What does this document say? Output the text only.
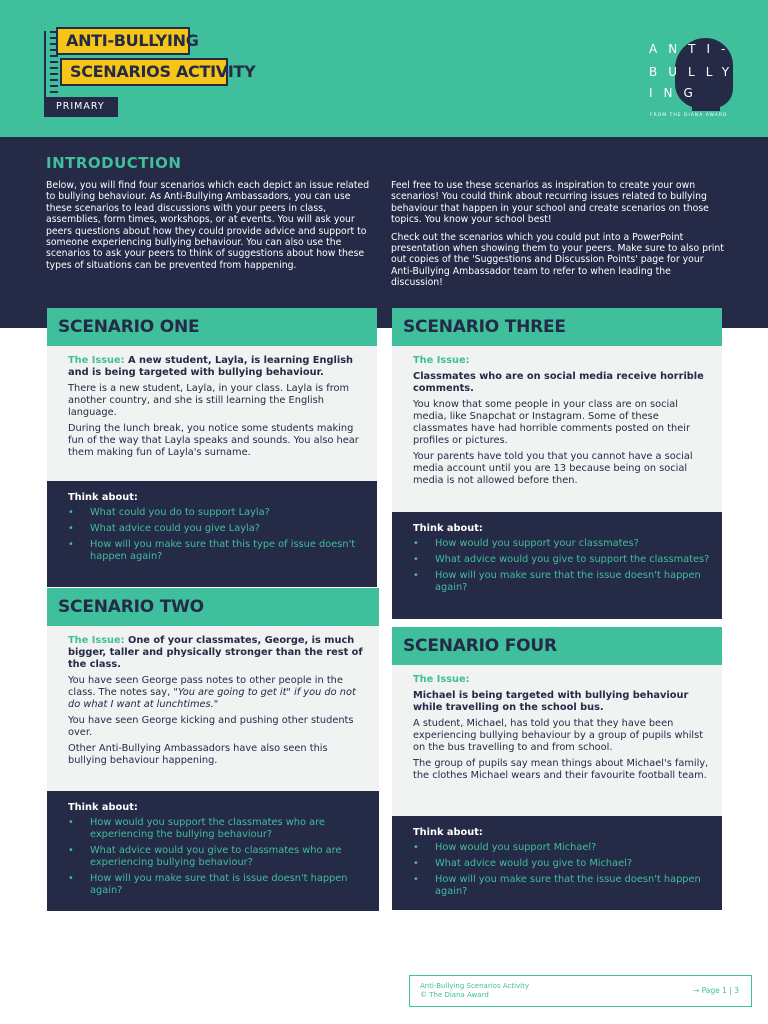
ANTI-BULLYING
SCENARIOS ACTIVITY
PRIMARY
ANTI-
BULLY
ING
FROM THE DIANA AWARD
INTRODUCTION

Below, you will find four scenarios which each depict an issue related to bullying behaviour. As Anti-Bullying Ambassadors, you can use these scenarios to lead discussions with your peers in class, assemblies, form times, workshops, or at events. You will ask your peers questions about how they could provide advice and support to someone experiencing bullying behaviour. You can also use the scenarios to ask your peers to think of suggestions about how these types of situations can be prevented from happening.

Feel free to use these scenarios as inspiration to create your own scenarios! You could think about recurring issues related to bullying behaviour that happen in your school and create scenarios on those topics. You know your school best!

Check out the scenarios which you could put into a PowerPoint presentation when showing them to your peers. Make sure to also print out copies of the 'Suggestions and Discussion Points' page for your Anti-Bullying Ambassador team to refer to when leading the discussion!

SCENARIO ONE

The Issue: A new student, Layla, is learning English and is being targeted with bullying behaviour.

There is a new student, Layla, in your class. Layla is from another country, and she is still learning the English language.

During the lunch break, you notice some students making fun of the way that Layla speaks and sounds. You also hear them making fun of Layla's surname.

Think about:
• What could you do to support Layla?
• What advice could you give Layla?
• How will you make sure that this type of issue doesn't happen again?
SCENARIO TWO

The Issue: One of your classmates, George, is much bigger, taller and physically stronger than the rest of the class.

You have seen George pass notes to other people in the class. The notes say, "You are going to get it" if you do not do what I want at lunchtimes."

You have seen George kicking and pushing other students over.

Other Anti-Bullying Ambassadors have also seen this bullying behaviour happening.

Think about:
• How would you support the classmates who are experiencing the bullying behaviour?
• What advice would you give to classmates who are experiencing bullying behaviour?
• How will you make sure that is issue doesn't happen again?
SCENARIO THREE

The Issue:

Classmates who are on social media receive horrible comments.

You know that some people in your class are on social media, like Snapchat or Instagram. Some of these classmates have had horrible comments posted on their profiles or pictures.

Your parents have told you that you cannot have a social media account until you are 13 because being on social media is not allowed before then.

Think about:
• How would you support your classmates?
• What advice would you give to support the classmates?
• How will you make sure that the issue doesn't happen again?
SCENARIO FOUR

The Issue:

Michael is being targeted with bullying behaviour while travelling on the school bus.

A student, Michael, has told you that they have been experiencing bullying behaviour by a group of pupils whilst on the bus travelling to and from school.

The group of pupils say mean things about Michael's family, the clothes Michael wears and their favourite football team.

Think about:
• How would you support Michael?
• What advice would you give to Michael?
• How will you make sure that the issue doesn't happen again?
Anti-Bullying Scenarios Activity
© The Diana Award	→ Page 1 | 3
